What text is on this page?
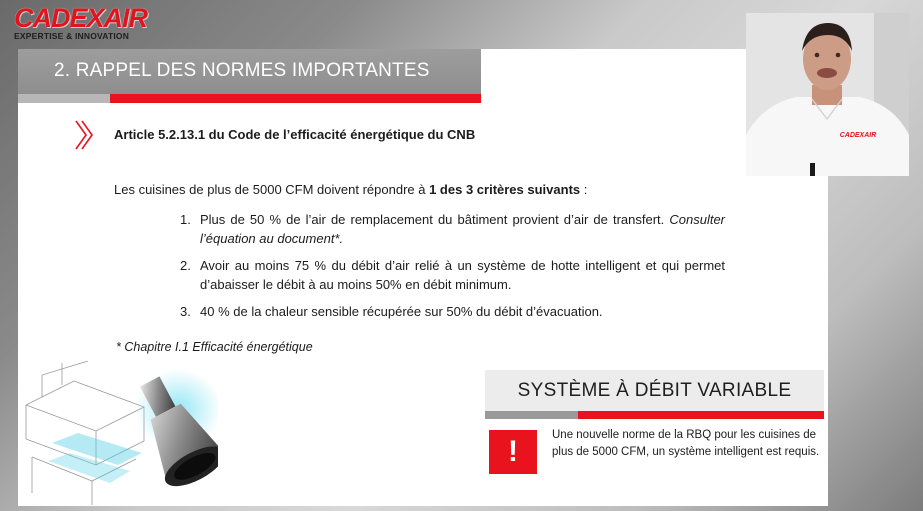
CADEXAIR
EXPERTISE & INNOVATION
2. RAPPEL DES NORMES IMPORTANTES
Article 5.2.13.1 du Code de l’efficacité énergétique du CNB
Les cuisines de plus de 5000 CFM doivent répondre à 1 des 3 critères suivants :
1. Plus de 50 % de l’air de remplacement du bâtiment provient d’air de transfert. Consulter l’équation au document*.
2. Avoir au moins 75 % du débit d’air relié à un système de hotte intelligent et qui permet d’abaisser le débit à au moins 50% en débit minimum.
3. 40 % de la chaleur sensible récupérée sur 50% du débit d’évacuation.
* Chapitre I.1 Efficacité énergétique
SYSTÈME À DÉBIT VARIABLE
!	Une nouvelle norme de la RBQ pour les cuisines de plus de 5000 CFM, un système intelligent est requis.
CADEXAIR
